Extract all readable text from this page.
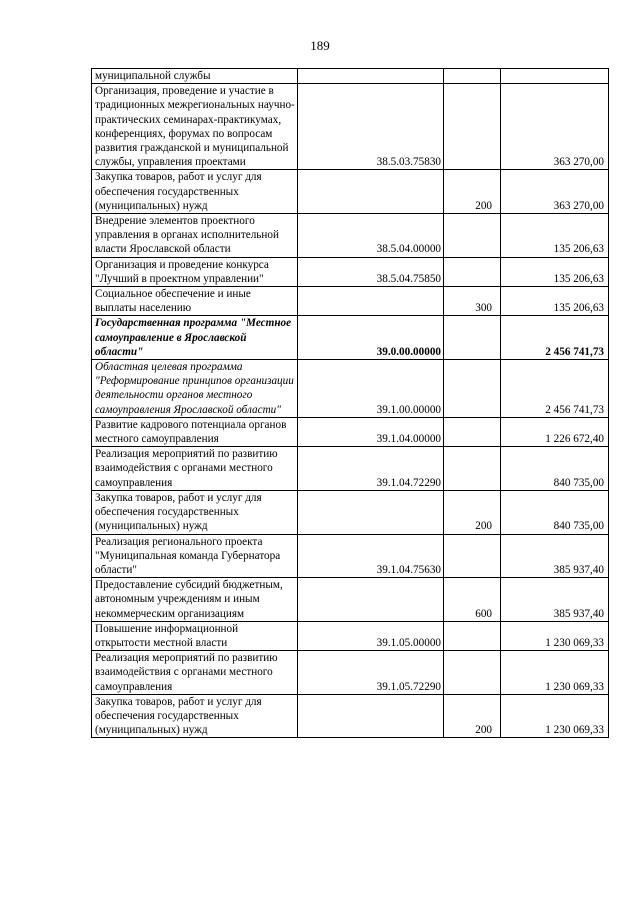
189
муниципальной службы			
Организация, проведение и участие в традиционных межрегиональных научно-практических семинарах-практикумах, конференциях, форумах по вопросам развития гражданской и муниципальной службы, управления проектами	38.5.03.75830		363 270,00
Закупка товаров, работ и услуг для обеспечения государственных (муниципальных) нужд		200	363 270,00
Внедрение элементов проектного управления в органах исполнительной власти Ярославской области	38.5.04.00000		135 206,63
Организация и проведение конкурса "Лучший в проектном управлении"	38.5.04.75850		135 206,63
Социальное обеспечение и иные выплаты населению		300	135 206,63
Государственная программа "Местное самоуправление в Ярославской области"	39.0.00.00000		2 456 741,73
Областная целевая программа "Реформирование принципов организации деятельности органов местного самоуправления Ярославской области"	39.1.00.00000		2 456 741,73
Развитие кадрового потенциала органов местного самоуправления	39.1.04.00000		1 226 672,40
Реализация мероприятий по развитию взаимодействия с органами местного самоуправления	39.1.04.72290		840 735,00
Закупка товаров, работ и услуг для обеспечения государственных (муниципальных) нужд		200	840 735,00
Реализация регионального проекта "Муниципальная команда Губернатора области"	39.1.04.75630		385 937,40
Предоставление субсидий бюджетным, автономным учреждениям и иным некоммерческим организациям		600	385 937,40
Повышение информационной открытости местной власти	39.1.05.00000		1 230 069,33
Реализация мероприятий по развитию взаимодействия с органами местного самоуправления	39.1.05.72290		1 230 069,33
Закупка товаров, работ и услуг для обеспечения государственных (муниципальных) нужд		200	1 230 069,33
